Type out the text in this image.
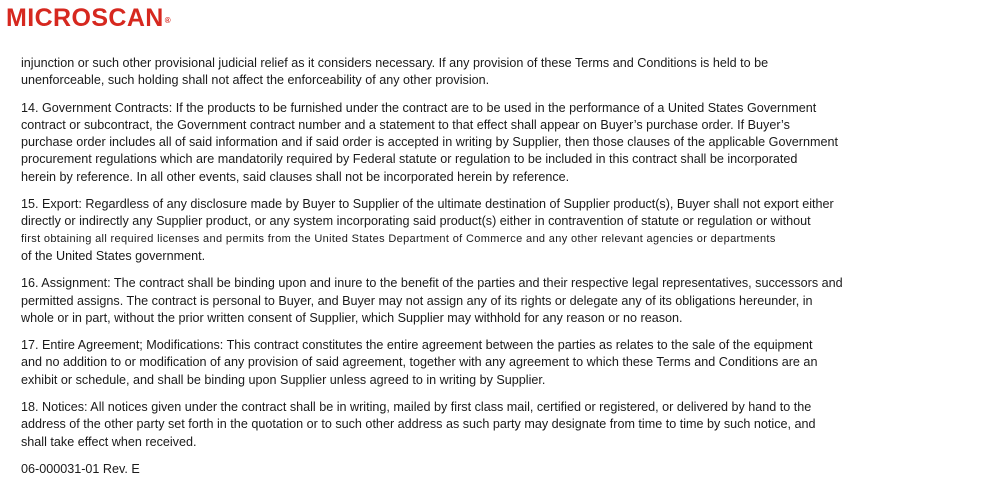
MICROSCAN®
injunction or such other provisional judicial relief as it considers necessary. If any provision of these Terms and Conditions is held to be
unenforceable, such holding shall not affect the enforceability of any other provision.
14. Government Contracts: If the products to be furnished under the contract are to be used in the performance of a United States Government
contract or subcontract, the Government contract number and a statement to that effect shall appear on Buyer’s purchase order. If Buyer’s
purchase order includes all of said information and if said order is accepted in writing by Supplier, then those clauses of the applicable Government
procurement regulations which are mandatorily required by Federal statute or regulation to be included in this contract shall be incorporated
herein by reference. In all other events, said clauses shall not be incorporated herein by reference.
15. Export: Regardless of any disclosure made by Buyer to Supplier of the ultimate destination of Supplier product(s), Buyer shall not export either
directly or indirectly any Supplier product, or any system incorporating said product(s) either in contravention of statute or regulation or without
first obtaining all required licenses and permits from the United States Department of Commerce and any other relevant agencies or departments
of the United States government.
16. Assignment: The contract shall be binding upon and inure to the benefit of the parties and their respective legal representatives, successors and
permitted assigns. The contract is personal to Buyer, and Buyer may not assign any of its rights or delegate any of its obligations hereunder, in
whole or in part, without the prior written consent of Supplier, which Supplier may withhold for any reason or no reason.
17. Entire Agreement; Modifications: This contract constitutes the entire agreement between the parties as relates to the sale of the equipment
and no addition to or modification of any provision of said agreement, together with any agreement to which these Terms and Conditions are an
exhibit or schedule, and shall be binding upon Supplier unless agreed to in writing by Supplier.
18. Notices: All notices given under the contract shall be in writing, mailed by first class mail, certified or registered, or delivered by hand to the
address of the other party set forth in the quotation or to such other address as such party may designate from time to time by such notice, and
shall take effect when received.
06-000031-01 Rev. E
